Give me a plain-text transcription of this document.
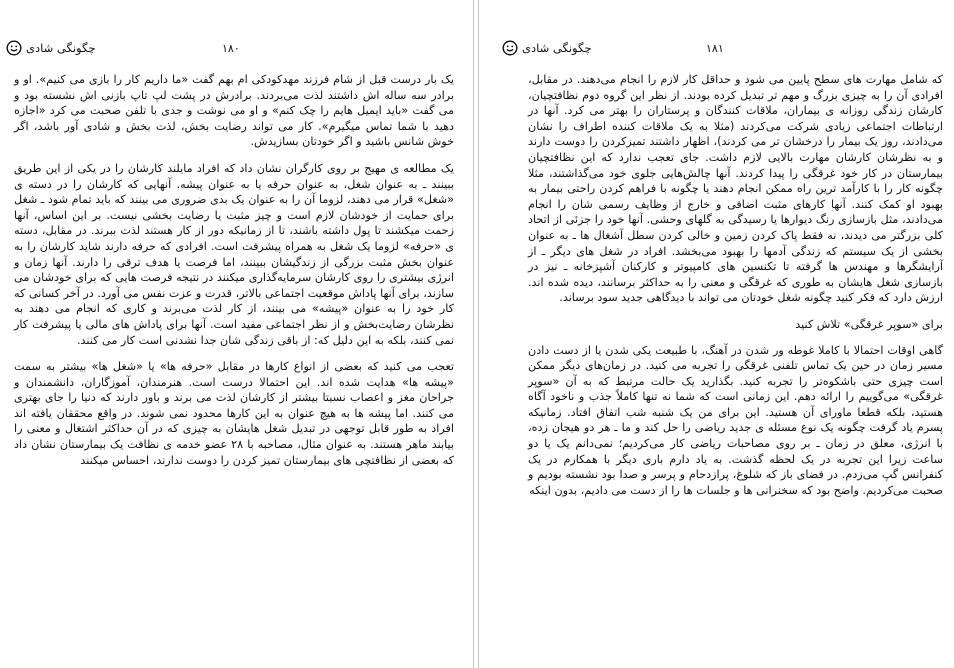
چگونگی شادی	۱۸۰

یک بار درست قبل از شام فرزند مهدکودکی ام بهم گفت «ما داریم کار را بازی می کنیم». او و برادر سه ساله اش داشتند لذت می‌بردند. برادرش در پشت لپ تاپ بازنی اش نشسته بود و می گفت «باید ایمیل هایم را چک کنم» و او می نوشت و جدی با تلفن صحبت می کرد «اجازه دهید با شما تماس میگیرم». کار می تواند رضایت بخش، لذت بخش و شادی آور باشد، اگر خوش شانس باشید و اگر خودتان بسازیدش.

یک مطالعه ی مهیج بر روی کارگران نشان داد که افراد مایلند کارشان را در یکی از این طریق ببینند ـ به عنوان شغل، به عنوان حرفه یا به عنوان پیشه. آنهایی که کارشان را در دسته ی «شغل» قرار می دهند، لزوما آن را به عنوان یک بدی ضروری می بینند که باید تمام شود ـ شغل برای حمایت از خودشان لازم است و چیز مثبت یا رضایت بخشی نیست. بر این اساس، آنها زحمت میکشند تا پول داشته باشند، تا از زمانیکه دور از کار هستند لذت ببرند. در مقابل، دسته ی «حرفه» لزوما یک شغل به همراه پیشرفت است. افرادی که حرفه دارند شاید کارشان را به عنوان بخش مثبت بزرگی از زندگیشان ببینند، اما فرصت یا هدف ترقی را دارند. آنها زمان و انرژی بیشتری را روی کارشان سرمایه‌گذاری میکنند در نتیجه فرصت هایی که برای خودشان می سازند، برای آنها پاداش موقعیت اجتماعی بالاتر، قدرت و عزت نفس می آورد. در آخر کسانی که کار خود را به عنوان «پیشه» می بینند، از کار لذت می‌برند و کاری که انجام می دهند به نظرشان رضایت‌بخش و از نظر اجتماعی مفید است. آنها برای پاداش های مالی یا پیشرفت کار نمی کنند، بلکه به این دلیل که: از باقی زندگی شان جدا نشدنی است کار می کنند.

تعجب می کنید که بعضی از انواع کارها در مقابل «حرفه ها» یا «شغل ها» بیشتر به سمت «پیشه ها» هدایت شده اند. این احتمالا درست است. هنرمندان، آموزگاران، دانشمندان و جراحان مغز و اعصاب نسبتا بیشتر از کارشان لذت می برند و باور دارند که دنیا را جای بهتری می کنند. اما پیشه ها به هیچ عنوان به این کارها محدود نمی شوند. در واقع محققان یافته اند افراد به طور قابل توجهی در تبدیل شغل هایشان به چیزی که در آن حداکثر اشتغال و معنی را بیابند ماهر هستند. به عنوان مثال، مصاحبه با ۲۸ عضو خدمه ی نظافت یک بیمارستان نشان داد که بعضی از نظافتچی های بیمارستان تمیز کردن را دوست ندارند، احساس میکنند

چگونگی شادی	۱۸۱

که شامل مهارت های سطح پایین می شود و حداقل کار لازم را انجام می‌دهند. در مقابل، افرادی آن را به چیزی بزرگ و مهم تر تبدیل کرده بودند. از نظر این گروه دوم نظافتچیان، کارشان زندگی روزانه ی بیماران، ملاقات کنندگان و پرستاران را بهتر می کرد. آنها در ارتباطات اجتماعی زیادی شرکت می‌کردند (مثلا به یک ملاقات کننده اطراف را نشان می‌دادند، روز یک بیمار را درخشان تر می کردند)، اظهار داشتند تمیزکردن را دوست دارند و به نظرشان کارشان مهارت بالایی لازم داشت. جای تعجب ندارد که این نظافتچیان بیمارستان در کار خود غرقگی را پیدا کردند. آنها چالش‌هایی جلوی خود می‌گذاشتند، مثلا چگونه کار را با کارآمد ترین راه ممکن انجام دهند یا چگونه با فراهم کردن راحتی بیمار به بهبود او کمک کنند. آنها کارهای مثبت اضافی و خارج از وظایف رسمی شان را انجام می‌دادند، مثل بازسازی رنگ دیوارها یا رسیدگی به گلهای وحشی. آنها خود را جزئی از اتحاد کلی بزرگتر می دیدند، نه فقط پاک کردن زمین و خالی کردن سطل آشغال ها ـ به عنوان بخشی از یک سیستم که زندگی آدمها را بهبود می‌بخشد. افراد در شغل های دیگر ـ از آرایشگرها و مهندس ها گرفته تا تکنسین های کامپیوتر و کارکنان آشپزخانه ـ نیز در بازسازی شغل هایشان به طوری که غرقگی و معنی را به حداکثر برسانند، دیده شده اند. ارزش دارد که فکر کنید چگونه شغل خودتان می تواند با دیدگاهی جدید سود برساند.

برای «سوپر غرقگی» تلاش کنید

گاهی اوقات احتمالا با کاملا غوطه ور شدن در آهنگ، با طبیعت یکی شدن یا از دست دادن مسیر زمان در حین یک تماس تلفنی غرقگی را تجربه می کنید. در زمان‌های دیگر ممکن است چیزی حتی باشکوه‌تر را تجربه کنید. بگذارید یک حالت مرتبط که به آن «سوپر غرقگی» می‌گوییم را ارائه دهم. این زمانی است که شما نه تنها کاملاً جذب و ناخود آگاه هستید، بلکه قطعا ماورای آن هستید. این برای من یک شنبه شب اتفاق افتاد. زمانیکه پسرم یاد گرفت چگونه یک نوع مسئله ی جدید ریاضی را حل کند و ما ـ هر دو هیجان زده، با انرژی، معلق در زمان ـ بر روی مصاحبات ریاضی کار می‌کردیم؛ نمی‌دانم یک یا دو ساعت زیرا این تجربه در یک لحظه گذشت. به یاد دارم باری دیگر با همکارم در یک کنفرانس گپ می‌زدم. در فضای باز که شلوغ، پرازدحام و پرسر و صدا بود نشسته بودیم و صحبت می‌کردیم. واضح بود که سخنرانی ها و جلسات ها را از دست می دادیم، بدون اینکه
